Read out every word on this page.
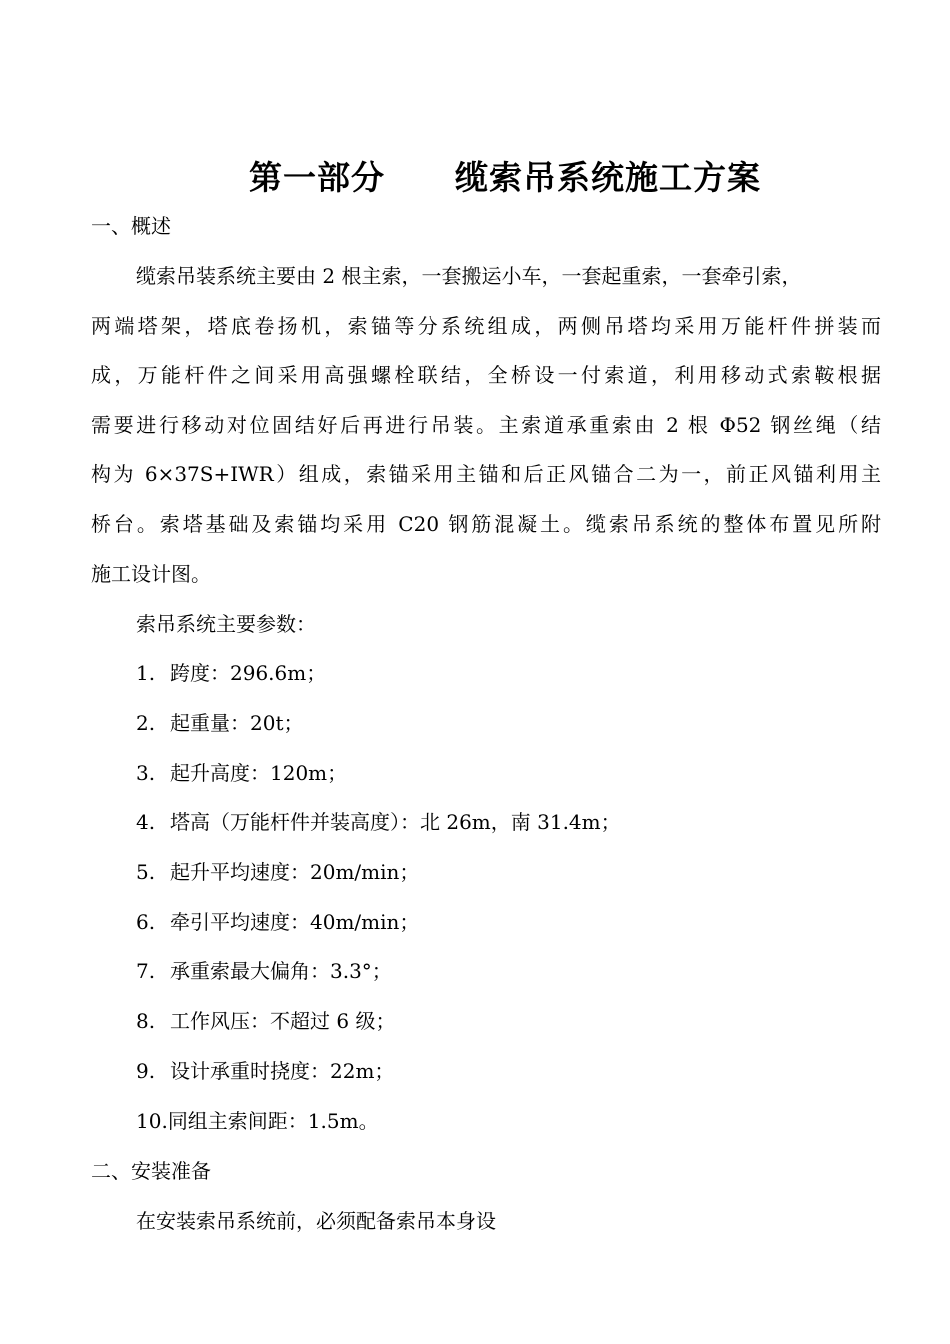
第一部分 缆索吊系统施工方案
一、概述
缆索吊装系统主要由 2 根主索，一套搬运小车，一套起重索，一套牵引索，
两端塔架，塔底卷扬机，索锚等分系统组成，两侧吊塔均采用万能杆件拼装而
成，万能杆件之间采用高强螺栓联结，全桥设一付索道，利用移动式索鞍根据
需要进行移动对位固结好后再进行吊装。主索道承重索由 2 根 Φ52 钢丝绳（结
构为 6×37S+IWR）组成，索锚采用主锚和后正风锚合二为一，前正风锚利用主
桥台。索塔基础及索锚均采用 C20 钢筋混凝土。缆索吊系统的整体布置见所附
施工设计图。
索吊系统主要参数：
1. 跨度：296.6m；
2. 起重量：20t；
3. 起升高度：120m；
4. 塔高（万能杆件并装高度）：北 26m，南 31.4m；
5. 起升平均速度：20m/min；
6. 牵引平均速度：40m/min；
7. 承重索最大偏角：3.3°；
8. 工作风压：不超过 6 级；
9. 设计承重时挠度：22m；
10.同组主索间距：1.5m。
二、安装准备
在安装索吊系统前，必须配备索吊本身设
